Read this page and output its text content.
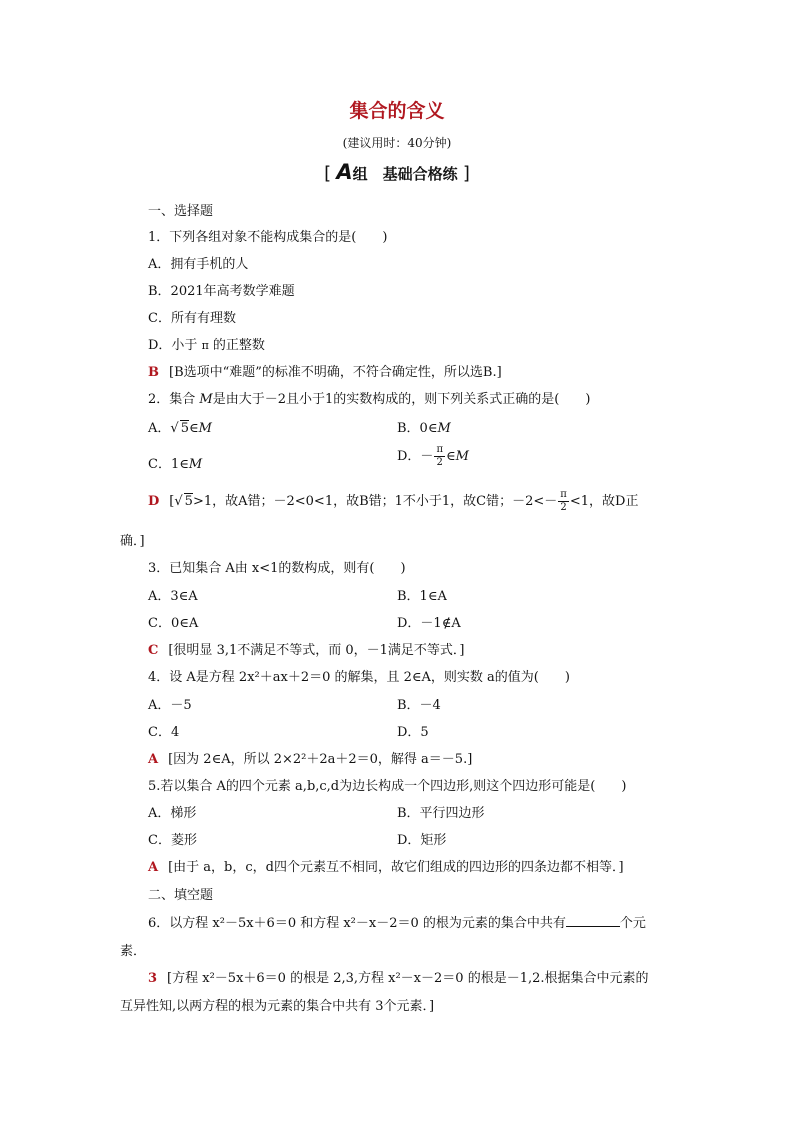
集合的含义
(建议用时：40分钟)
[ A组　基础合格练 ]
一、选择题
1．下列各组对象不能构成集合的是(　　)
A．拥有手机的人
B．2021年高考数学难题
C．所有有理数
D．小于 π 的正整数
B [B选项中“难题”的标准不明确，不符合确定性，所以选B.]
2．集合 M是由大于－2且小于1的实数构成的，则下列关系式正确的是(　　)
A．√ 5∈M	B．0∈M
C．1∈M
D．－ $\frac{\pi}{2}$ ∈M
D [√ 5>1，故A错；－2<0<1，故B错；1不小于1，故C错；$-2<- \frac{\pi}{2} <1$，故D正
确．]
3．已知集合 A由 x<1的数构成，则有(　　)
A．3∈A	B．1∈A
C．0∈A	D．－1∉A
C [很明显 3,1不满足不等式，而 0，－1满足不等式．]
4．设 A是方程 2x²＋ax＋2＝0 的解集，且 2∈A，则实数 a的值为(　　)
A．－5	B．－4
C．4	D．5
A [因为 2∈A，所以 2×2²＋2a＋2＝0，解得 a＝－5.]
5.若以集合 A的四个元素 a,b,c,d为边长构成一个四边形,则这个四边形可能是(　　)
A．梯形	B．平行四边形
C．菱形	D．矩形
A [由于 a，b，c，d四个元素互不相同，故它们组成的四边形的四条边都不相等．]
二、填空题
6．以方程 x²－5x＋6＝0 和方程 x²－x－2＝0 的根为元素的集合中共有	个元
素．
3 [方程 x²－5x＋6＝0 的根是 2,3,方程 x²－x－2＝0 的根是－1,2.根据集合中元素的
互异性知,以两方程的根为元素的集合中共有 3个元素．]
